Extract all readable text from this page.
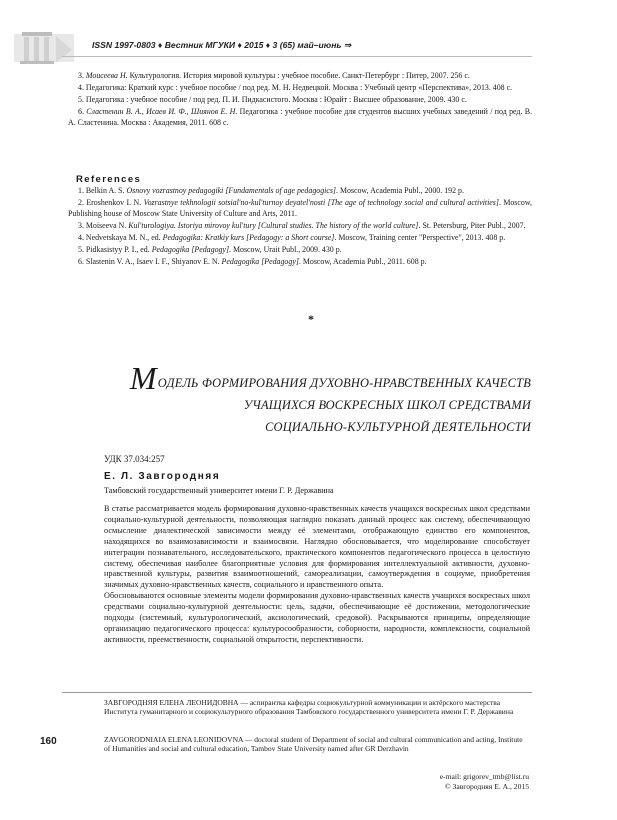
ISSN 1997-0803 ♦ Вестник МГУКИ ♦ 2015 ♦ 3 (65) май–июнь ⇒

3. Моисеева Н. Культурология. История мировой культуры : учебное пособие. Санкт-Петербург : Питер, 2007. 256 с.

4. Педагогика: Краткий курс : учебное пособие / под ред. М. Н. Недвецкой. Москва : Учебный центр «Перспектива», 2013. 408 с.

5. Педагогика : учебное пособие / под ред. П. И. Пидкасистого. Москва : Юрайт : Высшее образование, 2009. 430 с.

6. Сластенин В. А., Исаев И. Ф., Шиянов Е. Н. Педагогика : учебное пособие для студентов высших учебных заведений / под ред. В. А. Сластенина. Москва : Академия, 2011. 608 с.

References

1. Belkin A. S. Osnovy vozrastnoy pedagogiki [Fundamentals of age pedagogics]. Moscow, Academia Publ., 2000. 192 p.

2. Eroshenkov I. N. Vozrastnye tekhnologii sotsial'no-kul'turnoy deyatel'nosti [The age of technology social and cultural activities]. Moscow, Publishing house of Moscow State University of Culture and Arts, 2011.

3. Moiseeva N. Kul'turologiya. Istoriya mirovoy kul'tury [Cultural studies. The history of the world culture]. St. Petersburg, Piter Publ., 2007.

4. Nedvetskaya M. N., ed. Pedagogika: Kratkiy kurs [Pedagogy: a Short course]. Moscow, Training center "Perspective", 2013. 408 p.

5. Pidkasistyy P. I., ed. Pedagogika [Pedagogy]. Moscow, Urait Publ., 2009. 430 p.

6. Slastenin V. A., Isaev I. F., Shiyanov E. N. Pedagogika [Pedagogy]. Moscow, Academia Publ., 2011. 608 p.

*
МОДЕЛЬ ФОРМИРОВАНИЯ ДУХОВНО-НРАВСТВЕННЫХ КАЧЕСТВ
УЧАЩИХСЯ ВОСКРЕСНЫХ ШКОЛ СРЕДСТВАМИ
СОЦИАЛЬНО-КУЛЬТУРНОЙ ДЕЯТЕЛЬНОСТИ
УДК 37.034:257
Е. Л. Завгородняя
Тамбовский государственный университет имени Г. Р. Державина

В статье рассматривается модель формирования духовно-нравственных качеств учащихся воскресных школ средствами социально-культурной деятельности, позволяющая наглядно показать данный процесс как систему, обеспечивающую осмысление диалектической зависимости между её элементами, отображающую единство его компонентов, находящихся во взаимозависимости и взаимосвязи. Наглядно обосновывается, что моделирование способствует интеграции познавательного, исследовательского, практического компонентов педагогического процесса в целостную систему, обеспечивая наиболее благоприятные условия для формирования интеллектуальной активности, духовно-нравственной культуры, развития взаимоотношений, самореализации, самоутверждения в социуме, приобретения значимых духовно-нравственных качеств, социального и нравственного опыта.

Обосновываются основные элементы модели формирования духовно-нравственных качеств учащихся воскресных школ средствами социально-культурной деятельности: цель, задачи, обеспечивающие её достижении, методологические подходы (системный, культурологический, аксиологический, средовой). Раскрываются принципы, определяющие организацию педагогического процесса: культуросообразности, соборности, народности, комплексности, социальной активности, преемственности, социальной открытости, перспективности.

ЗАВГОРОДНЯЯ ЕЛЕНА ЛЕОНИДОВНА — аспирантка кафедры социокультурной коммуникации и актёрского мастерства Института гуманитарного и социокультурного образования Тамбовского государственного университета имени Г. Р. Державина
160	ZAVGORODNIAIA ELENA LEONIDOVNA — doctoral student of Department of social and cultural communication and acting, Institute of Humanities and social and cultural education, Tambov State University named after GR Derzhavin
e-mail: grigorev_tmb@list.ru
© Завгородняя Е. А., 2015
